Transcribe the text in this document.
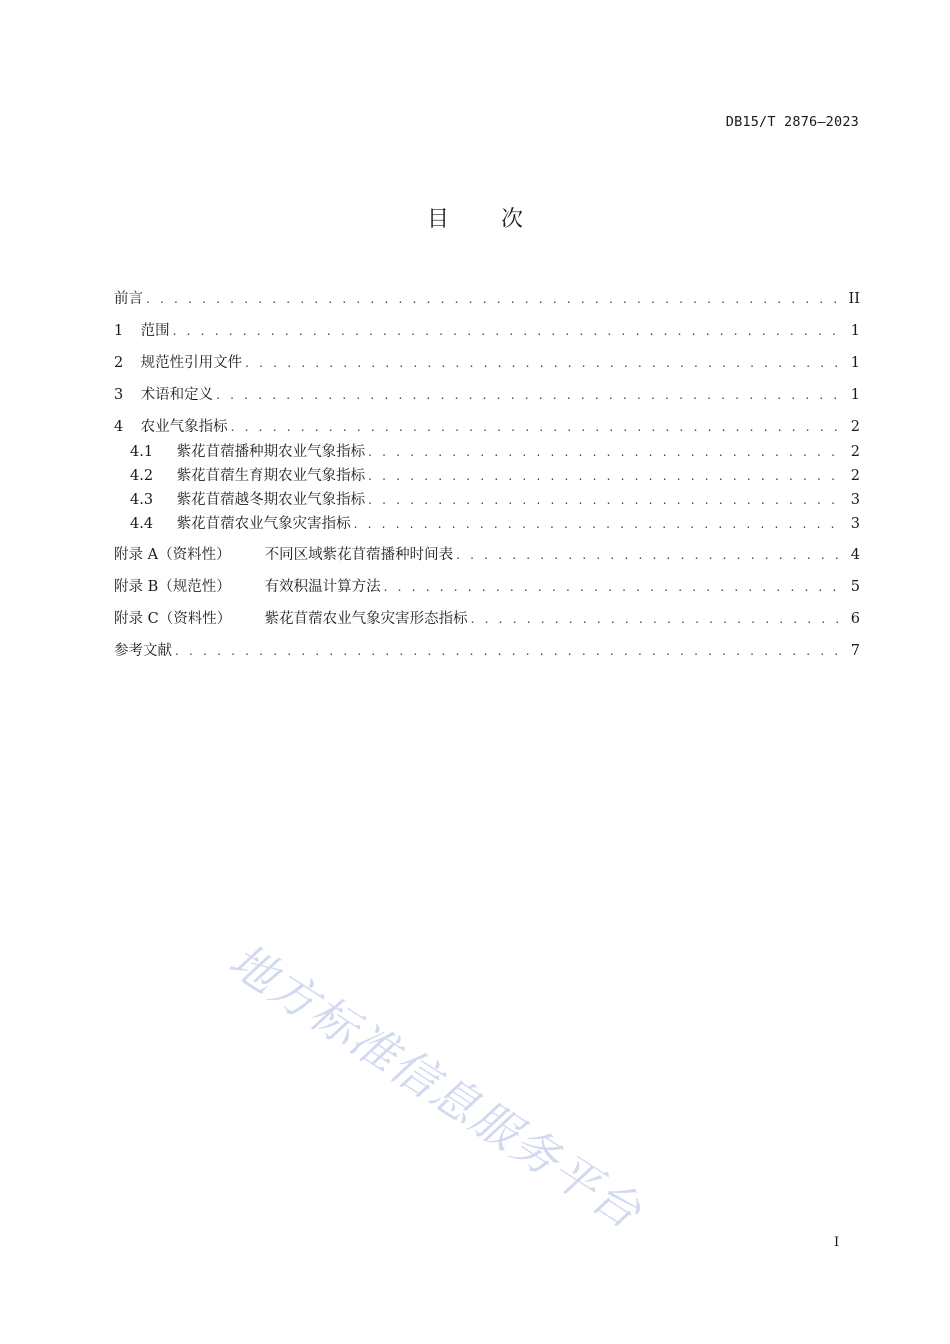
DB15/T 2876—2023
目次
前言 . . .	II
1 范围 . . .	1
2 规范性引用文件 . . .	1
3 术语和定义 . . .	1
4 农业气象指标 . . .	2
4.1 紫花苜蓿播种期农业气象指标 . . .	2
4.2 紫花苜蓿生育期农业气象指标 . . .	2
4.3 紫花苜蓿越冬期农业气象指标 . . .	3
4.4 紫花苜蓿农业气象灾害指标 . . .	3
附录 A（资料性） 不同区域紫花苜蓿播种时间表 . . .	4
附录 B（规范性） 有效积温计算方法 . . .	5
附录 C（资料性） 紫花苜蓿农业气象灾害形态指标 . . .	6
参考文献 . . .	7
地方标准信息服务平台
I
